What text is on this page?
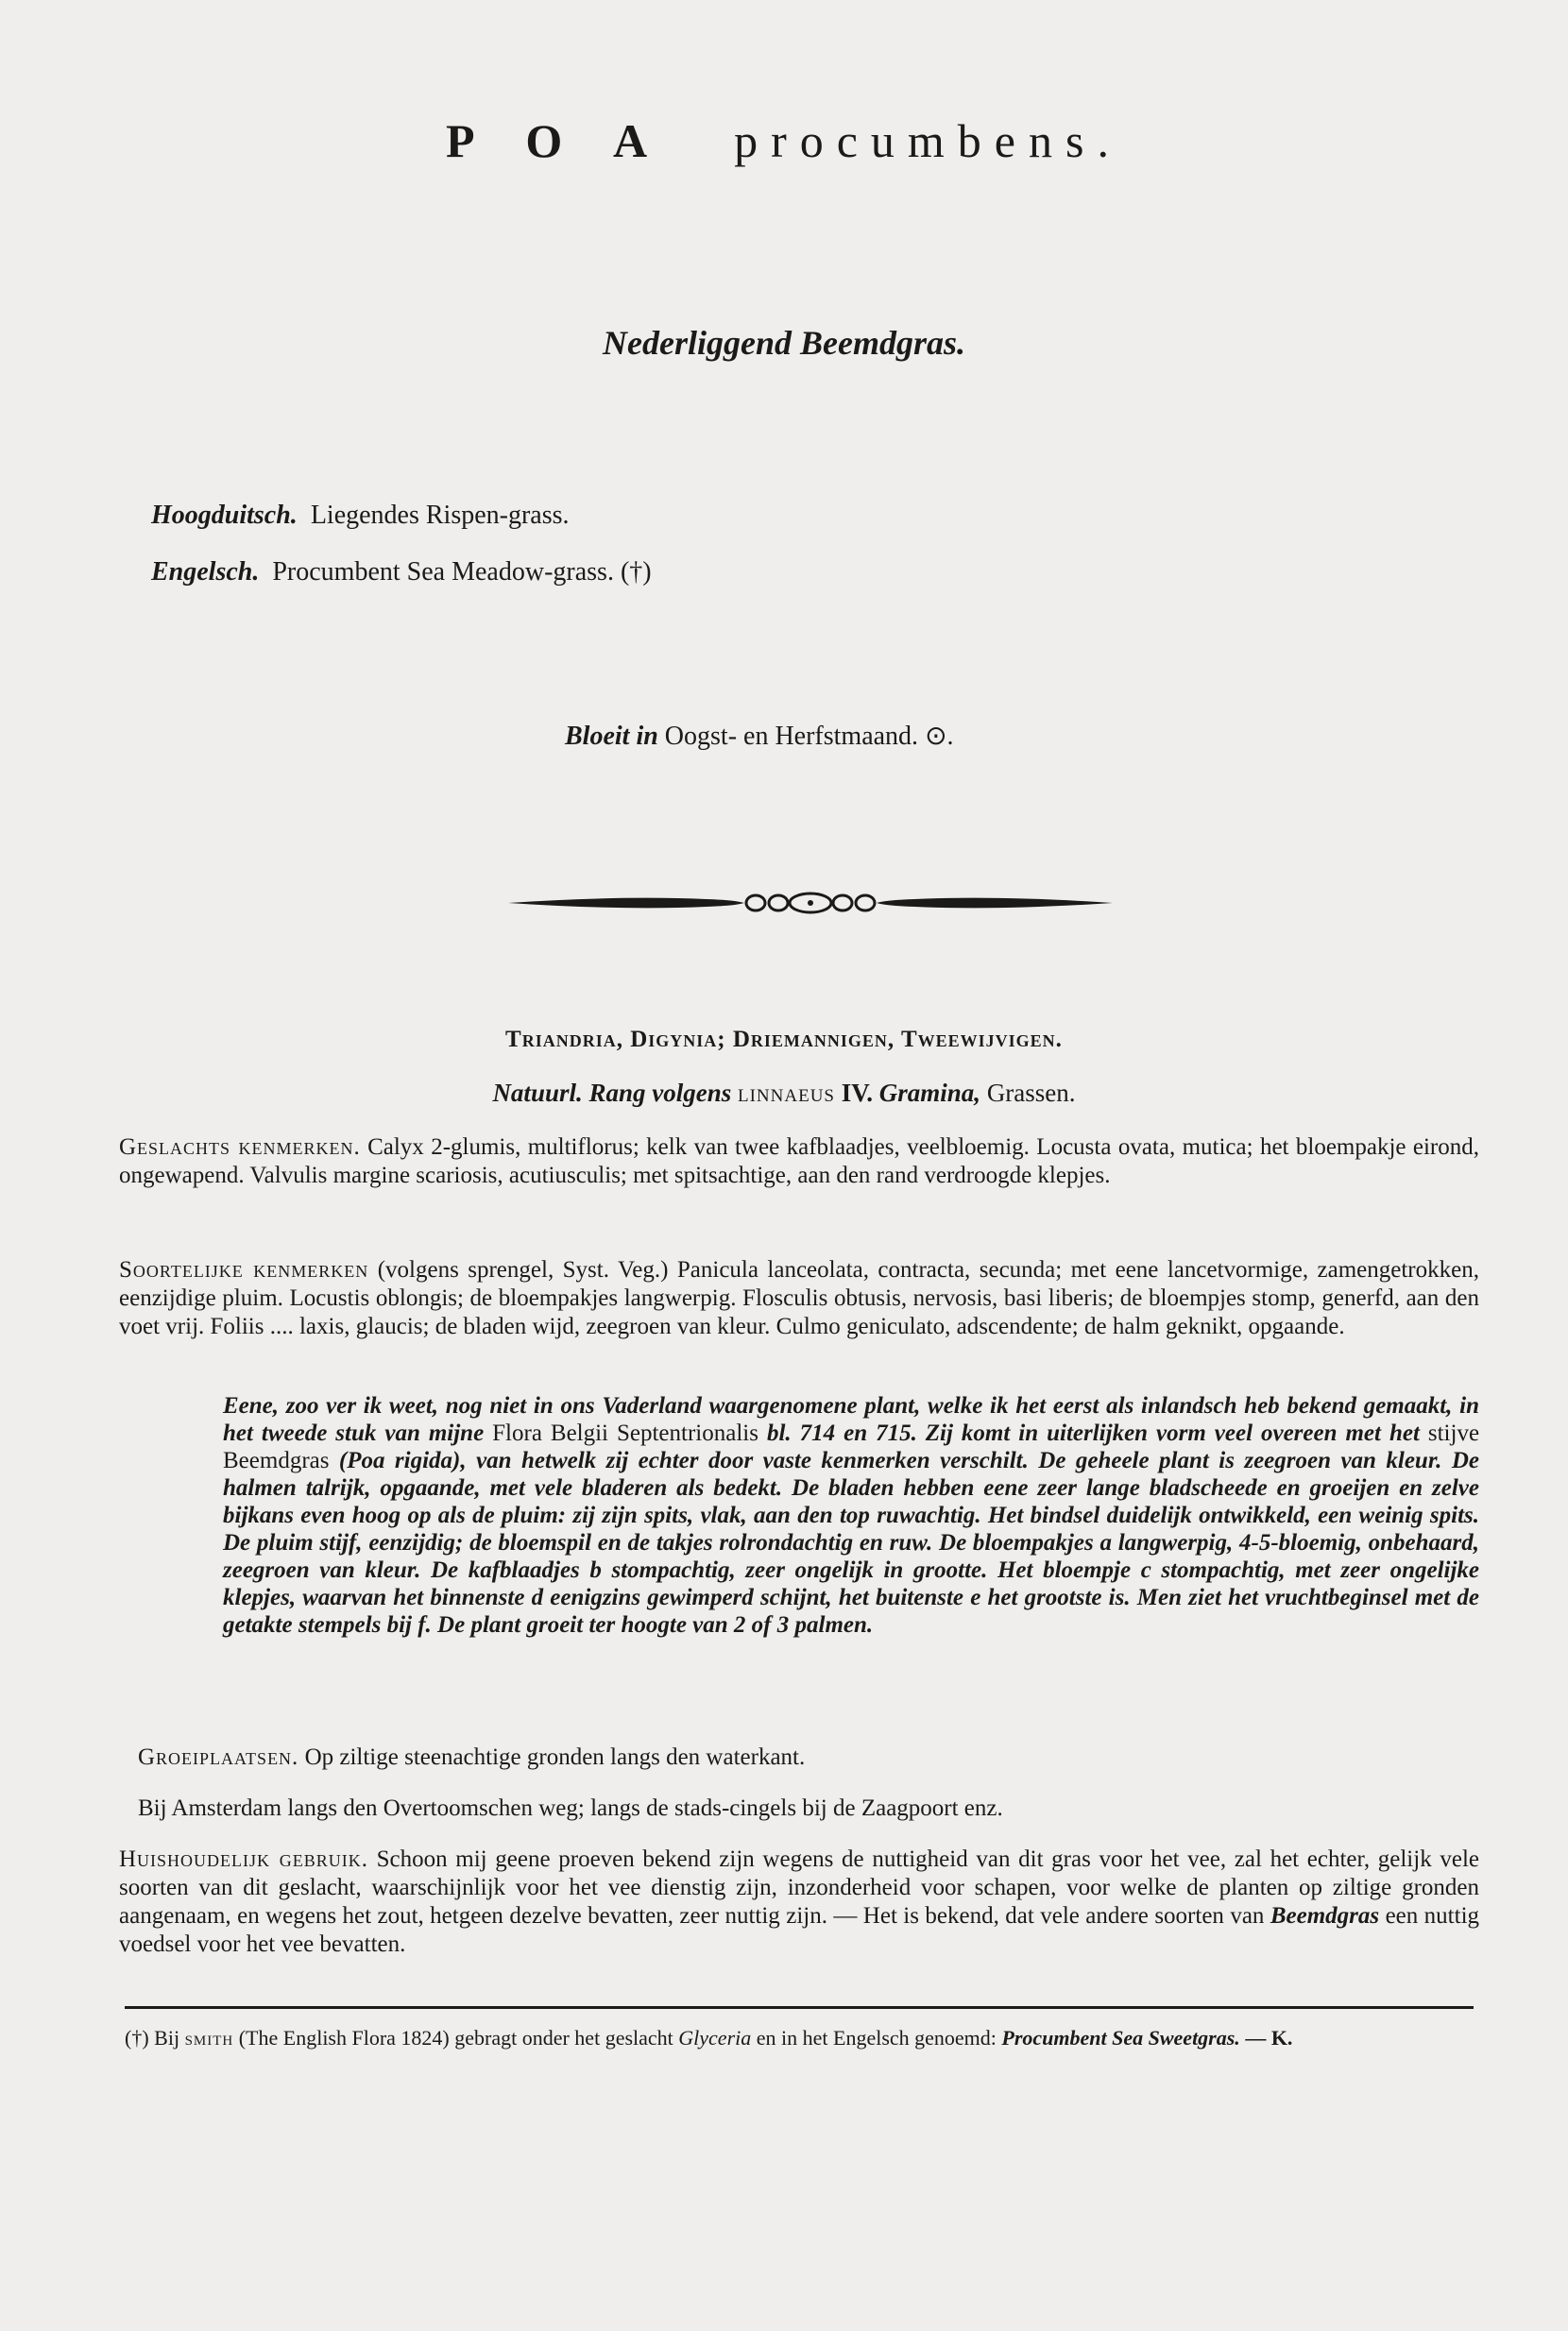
P O A procumbens.
Nederliggend Beemdgras.
Hoogduitsch. Liegendes Rispen-grass.
Engelsch. Procumbent Sea Meadow-grass. (†)
Bloeit in Oogst- en Herfstmaand. ⊙.
Triandria, Digynia; Driemannigen, Tweewijvigen.
Natuurl. Rang volgens linnaeus IV. Gramina, Grassen.
Geslachts kenmerken. Calyx 2-glumis, multiflorus; kelk van twee kafblaadjes, veelbloemig. Locusta ovata, mutica; het bloempakje eirond, ongewapend. Valvulis margine scariosis, acutiusculis; met spitsachtige, aan den rand verdroogde klepjes.
Soortelijke kenmerken (volgens sprengel, Syst. Veg.) Panicula lanceolata, contracta, secunda; met eene lancetvormige, zamengetrokken, eenzijdige pluim. Locustis oblongis; de bloempakjes langwerpig. Flosculis obtusis, nervosis, basi liberis; de bloempjes stomp, generfd, aan den voet vrij. Foliis .... laxis, glaucis; de bladen wijd, zeegroen van kleur. Culmo geniculato, adscendente; de halm geknikt, opgaande.
Eene, zoo ver ik weet, nog niet in ons Vaderland waargenomene plant, welke ik het eerst als inlandsch heb bekend gemaakt, in het tweede stuk van mijne Flora Belgii Septentrionalis bl. 714 en 715. Zij komt in uiterlijken vorm veel overeen met het stijve Beemdgras (Poa rigida), van hetwelk zij echter door vaste kenmerken verschilt. De geheele plant is zeegroen van kleur. De halmen talrijk, opgaande, met vele bladeren als bedekt. De bladen hebben eene zeer lange bladscheede en groeijen en zelve bijkans even hoog op als de pluim: zij zijn spits, vlak, aan den top ruwachtig. Het bindsel duidelijk ontwikkeld, een weinig spits. De pluim stijf, eenzijdig; de bloemspil en de takjes rolrondachtig en ruw. De bloempakjes a langwerpig, 4-5-bloemig, onbehaard, zeegroen van kleur. De kafblaadjes b stompachtig, zeer ongelijk in grootte. Het bloempje c stompachtig, met zeer ongelijke klepjes, waarvan het binnenste d eenigzins gewimperd schijnt, het buitenste e het grootste is. Men ziet het vruchtbeginsel met de getakte stempels bij f. De plant groeit ter hoogte van 2 of 3 palmen.
Groeiplaatsen. Op ziltige steenachtige gronden langs den waterkant.
Bij Amsterdam langs den Overtoomschen weg; langs de stads-cingels bij de Zaagpoort enz.
Huishoudelijk gebruik. Schoon mij geene proeven bekend zijn wegens de nuttigheid van dit gras voor het vee, zal het echter, gelijk vele soorten van dit geslacht, waarschijnlijk voor het vee dienstig zijn, inzonderheid voor schapen, voor welke de planten op ziltige gronden aangenaam, en wegens het zout, hetgeen dezelve bevatten, zeer nuttig zijn. — Het is bekend, dat vele andere soorten van Beemdgras een nuttig voedsel voor het vee bevatten.
(†) Bij smith (The English Flora 1824) gebragt onder het geslacht Glyceria en in het Engelsch genoemd: Procumbent Sea Sweetgras. — K.
